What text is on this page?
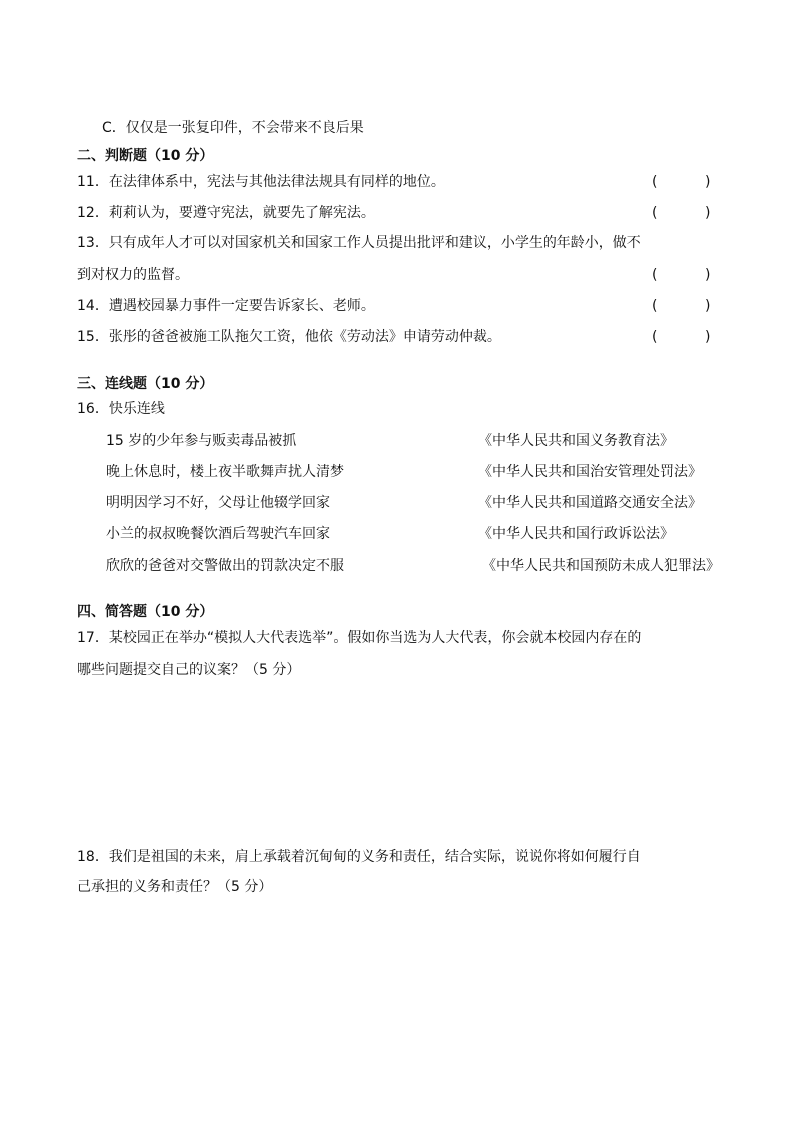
C．仅仅是一张复印件，不会带来不良后果
二、判断题（10 分）
11．在法律体系中，宪法与其他法律法规具有同样的地位。	(	)
12．莉莉认为，要遵守宪法，就要先了解宪法。	(	)
13．只有成年人才可以对国家机关和国家工作人员提出批评和建议，小学生的年龄小，做不
到对权力的监督。	(	)
14．遭遇校园暴力事件一定要告诉家长、老师。	(	)
15．张彤的爸爸被施工队拖欠工资，他依《劳动法》申请劳动仲裁。	(	)
三、连线题（10 分）
16．快乐连线
15 岁的少年参与贩卖毒品被抓	《中华人民共和国义务教育法》
晚上休息时，楼上夜半歌舞声扰人清梦	《中华人民共和国治安管理处罚法》
明明因学习不好，父母让他辍学回家	《中华人民共和国道路交通安全法》
小兰的叔叔晚餐饮酒后驾驶汽车回家	《中华人民共和国行政诉讼法》
欣欣的爸爸对交警做出的罚款决定不服	《中华人民共和国预防未成人犯罪法》
四、简答题（10 分）
17．某校园正在举办“模拟人大代表选举”。假如你当选为人大代表，你会就本校园内存在的
哪些问题提交自己的议案？（5 分）
18．我们是祖国的未来，肩上承载着沉甸甸的义务和责任，结合实际，说说你将如何履行自
己承担的义务和责任？（5 分）
